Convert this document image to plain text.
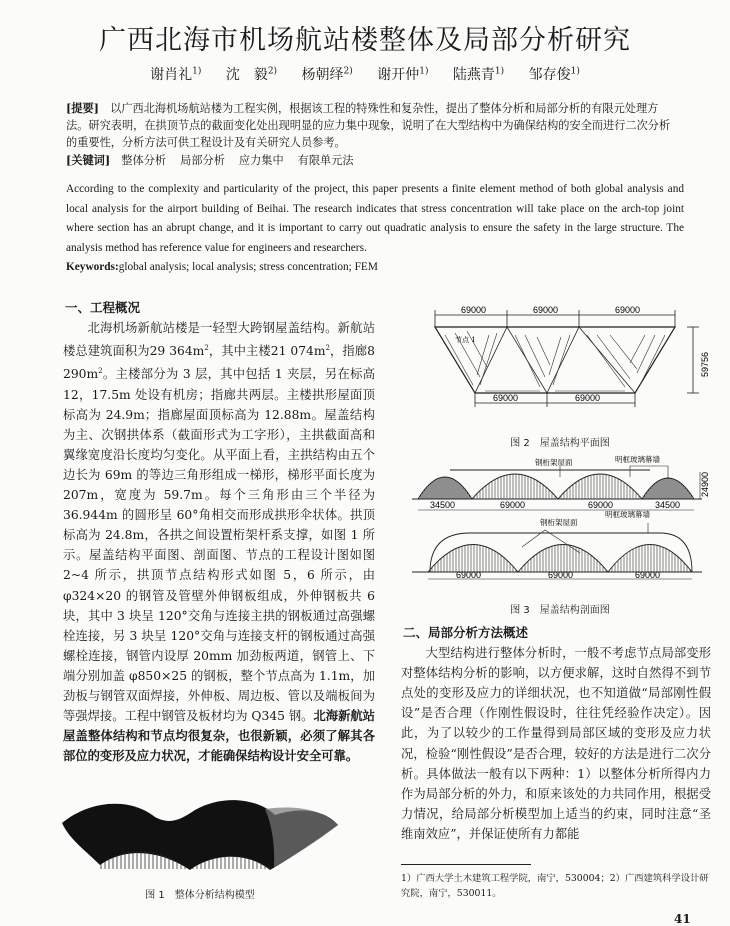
广西北海市机场航站楼整体及局部分析研究
谢肖礼$^{1)}$ 沈　毅$^{2)}$ 杨朝绎$^{2)}$ 谢开仲$^{1)}$ 陆燕青$^{1)}$ 邹存俊$^{1)}$
[提要]　 以广西北海机场航站楼为工程实例，根据该工程的特殊性和复杂性，提出了整体分析和局部分析的有限元处理方法。研究表明，在拱顶节点的截面变化处出现明显的应力集中现象，说明了在大型结构中为确保结构的安全而进行二次分析的重要性，分析方法可供工程设计及有关研究人员参考。
[关键词]　 整体分析 局部分析 应力集中 有限单元法
According to the complexity and particularity of the project, this paper presents a finite element method of both global analysis and local analysis for the airport building of Beihai. The research indicates that stress concentration will take place on the arch-top joint where section has an abrupt change, and it is important to carry out quadratic analysis to ensure the safety in the large structure. The analysis method has reference value for engineers and researchers.
Keywords:global analysis; local analysis; stress concentration; FEM
一、工程概况
北海机场新航站楼是一轻型大跨钢屋盖结构。新航站楼总建筑面积为29 $364m^2$，其中主楼21 $074m^2$，指廊8 $290m^2$。主楼部分为 3 层，其中包括 1 夹层，另在标高 12，17.5m 处设有机房；指廊共两层。主楼拱形屋面顶标高为 24.9m；指廊屋面顶标高为 12.88m。屋盖结构为主、次钢拱体系（截面形式为工字形），主拱截面高和翼缘宽度沿长度均匀变化。从平面上看，主拱结构由五个边长为 69m 的等边三角形组成一梯形，梯形平面长度为 207m，宽度为 59.7m。每个三角形由三个半径为 36.944m 的圆形呈 60°角相交而形成拱形伞状体。拱顶标高为 24.8m，各拱之间设置桁架杆系支撑，如图 1 所示。屋盖结构平面图、剖面图、节点的工程设计图如图 2~4 所示，拱顶节点结构形式如图 5，6 所示，由 φ324×20 的钢管及管壁外伸钢板组成，外伸钢板共 6 块，其中 3 块呈 120°交角与连接主拱的钢板通过高强螺栓连接，另 3 块呈 120°交角与连接支杆的钢板通过高强螺栓连接，钢管内设厚 20mm 加劲板两道，钢管上、下端分别加盖 φ850×25 的钢板，整个节点高为 1.1m，加劲板与钢管双面焊接，外伸板、周边板、管以及端板间为等强焊接。工程中钢管及板材均为 Q345 钢。北海新航站屋盖整体结构和节点均很复杂，也很新颖，必须了解其各部位的变形及应力状况，才能确保结构设计安全可靠。
图 1　整体分析结构模型
69000	69000	69000
69000	69000
59756
节点 1
图 2　屋盖结构平面图
钢桁架屋面	明框玻璃幕墙
34500	69000	69000	34500
24900
钢桁架屋面
明框玻璃幕墙
69000	69000	69000
图 3　屋盖结构剖面图
二、局部分析方法概述
大型结构进行整体分析时，一般不考虑节点局部变形对整体结构分析的影响，以方便求解，这时自然得不到节点处的变形及应力的详细状况，也不知道做“局部刚性假设”是否合理（作刚性假设时，往往凭经验作决定）。因此，为了以较少的工作量得到局部区域的变形及应力状况，检验“刚性假设”是否合理，较好的方法是进行二次分析。具体做法一般有以下两种：1）以整体分析所得内力作为局部分析的外力，和原来该处的力共同作用，根据受力情况，给局部分析模型加上适当的约束，同时注意“圣维南效应”，并保证使所有力都能
1）广西大学土木建筑工程学院，南宁，530004；2）广西建筑科学设计研究院，南宁，530011。
41
